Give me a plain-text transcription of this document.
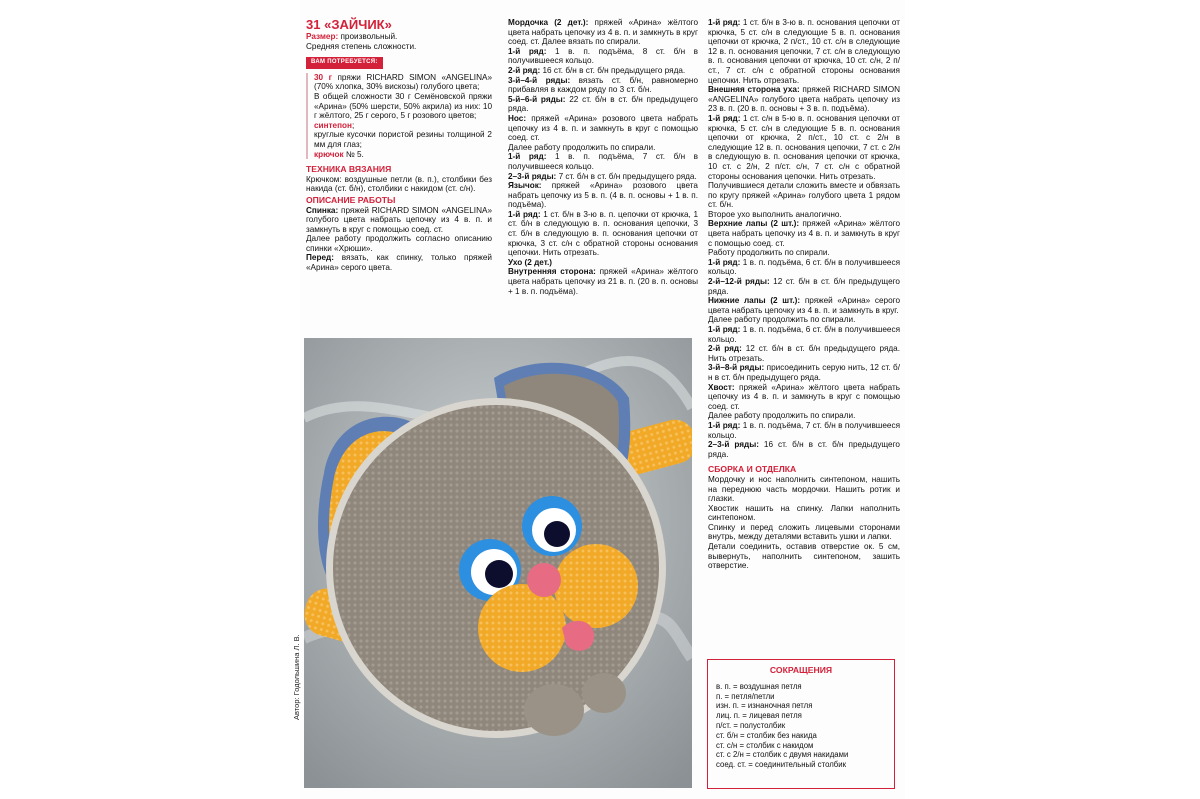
31 «ЗАЙЧИК»

Размер: произвольный.

Средняя степень сложности.

ВАМ ПОТРЕБУЕТСЯ:

30 г пряжи RICHARD SIMON «ANGELINA» (70% хлопка, 30% вискозы) голубого цвета;

В общей сложности 30 г Семёновской пряжи «Арина» (50% шерсти, 50% акрила) из них: 10 г жёлтого, 25 г серого, 5 г розового цветов;

синтепон;

круглые кусочки пористой резины толщиной 2 мм для глаз;

крючок № 5.

ТЕХНИКА ВЯЗАНИЯ

Крючком: воздушные петли (в. п.), столбики без накида (ст. б/н), столбики с накидом (ст. с/н).

ОПИСАНИЕ РАБОТЫ

Спинка: пряжей RICHARD SIMON «ANGELINA» голубого цвета набрать цепочку из 4 в. п. и замкнуть в круг с помощью соед. ст.

Далее работу продолжить согласно описанию спинки «Хрюши».

Перед: вязать, как спинку, только пряжей «Арина» серого цвета.

Мордочка (2 дет.): пряжей «Арина» жёлтого цвета набрать цепочку из 4 в. п. и замкнуть в круг соед. ст. Далее вязать по спирали.

1-й ряд: 1 в. п. подъёма, 8 ст. б/н в получившееся кольцо.

2-й ряд: 16 ст. б/н в ст. б/н предыдущего ряда.

3-й–4-й ряды: вязать ст. б/н, равномерно прибавляя в каждом ряду по 3 ст. б/н.

5-й–6-й ряды: 22 ст. б/н в ст. б/н предыдущего ряда.

Нос: пряжей «Арина» розового цвета набрать цепочку из 4 в. п. и замкнуть в круг с помощью соед. ст.

Далее работу продолжить по спирали.

1-й ряд: 1 в. п. подъёма, 7 ст. б/н в получившееся кольцо.

2–3-й ряды: 7 ст. б/н в ст. б/н предыдущего ряда.

Язычок: пряжей «Арина» розового цвета набрать цепочку из 5 в. п. (4 в. п. основы + 1 в. п. подъёма).

1-й ряд: 1 ст. б/н в 3-ю в. п. цепочки от крючка, 1 ст. б/н в следующую в. п. основания цепочки, 3 ст. б/н в следующую в. п. основания цепочки от крючка, 3 ст. с/н с обратной стороны основания цепочки. Нить отрезать.

Ухо (2 дет.)

Внутренняя сторона: пряжей «Арина» жёлтого цвета набрать цепочку из 21 в. п. (20 в. п. основы + 1 в. п. подъёма).

1-й ряд: 1 ст. б/н в 3-ю в. п. основания цепочки от крючка, 5 ст. с/н в следующие 5 в. п. основания цепочки от крючка, 2 п/ст., 10 ст. с/н в следующие 12 в. п. основания цепочки, 7 ст. с/н в следующую в. п. основания цепочки от крючка, 10 ст. с/н, 2 п/ст., 7 ст. с/н с обратной стороны основания цепочки. Нить отрезать.

Внешняя сторона уха: пряжей RICHARD SIMON «ANGELINA» голубого цвета набрать цепочку из 23 в. п. (20 в. п. основы + 3 в. п. подъёма).

1-й ряд: 1 ст. с/н в 5-ю в. п. основания цепочки от крючка, 5 ст. с/н в следующие 5 в. п. основания цепочки от крючка, 2 п/ст., 10 ст. с 2/н в следующие 12 в. п. основания цепочки, 7 ст. с 2/н в следующую в. п. основания цепочки от крючка, 10 ст. с 2/н, 2 п/ст. с/н, 7 ст. с/н с обратной стороны основания цепочки. Нить отрезать.

Получившиеся детали сложить вместе и обвязать по кругу пряжей «Арина» голубого цвета 1 рядом ст. б/н.

Второе ухо выполнить аналогично.

Верхние лапы (2 шт.): пряжей «Арина» жёлтого цвета набрать цепочку из 4 в. п. и замкнуть в круг с помощью соед. ст.

Работу продолжить по спирали.

1-й ряд: 1 в. п. подъёма, 6 ст. б/н в получившееся кольцо.

2-й–12-й ряды: 12 ст. б/н в ст. б/н предыдущего ряда.

Нижние лапы (2 шт.): пряжей «Арина» серого цвета набрать цепочку из 4 в. п. и замкнуть в круг.

Далее работу продолжить по спирали.

1-й ряд: 1 в. п. подъёма, 6 ст. б/н в получившееся кольцо.

2-й ряд: 12 ст. б/н в ст. б/н предыдущего ряда. Нить отрезать.

3-й–8-й ряды: присоединить серую нить, 12 ст. б/н в ст. б/н предыдущего ряда.

Хвост: пряжей «Арина» жёлтого цвета набрать цепочку из 4 в. п. и замкнуть в круг с помощью соед. ст.

Далее работу продолжить по спирали.

1-й ряд: 1 в. п. подъёма, 7 ст. б/н в получившееся кольцо.

2–3-й ряды: 16 ст. б/н в ст. б/н предыдущего ряда.

СБОРКА И ОТДЕЛКА

Мордочку и нос наполнить синтепоном, нашить на переднюю часть мордочки. Нашить ротик и глазки.

Хвостик нашить на спинку. Лапки наполнить синтепоном.

Спинку и перед сложить лицевыми сторонами внутрь, между деталями вставить ушки и лапки.

Детали соединить, оставив отверстие ок. 5 см, вывернуть, наполнить синтепоном, зашить отверстие.

Автор: Годольшина Л. В.	СОКРАЩЕНИЯ
в. п. = воздушная петля
п. = петля/петли
изн. п. = изнаночная петля
лиц. п. = лицевая петля
п/ст. = полустолбик
ст. б/н = столбик без накида
ст. с/н = столбик с накидом
ст. с 2/н = столбик с двумя накидами
соед. ст. = соединительный столбик
